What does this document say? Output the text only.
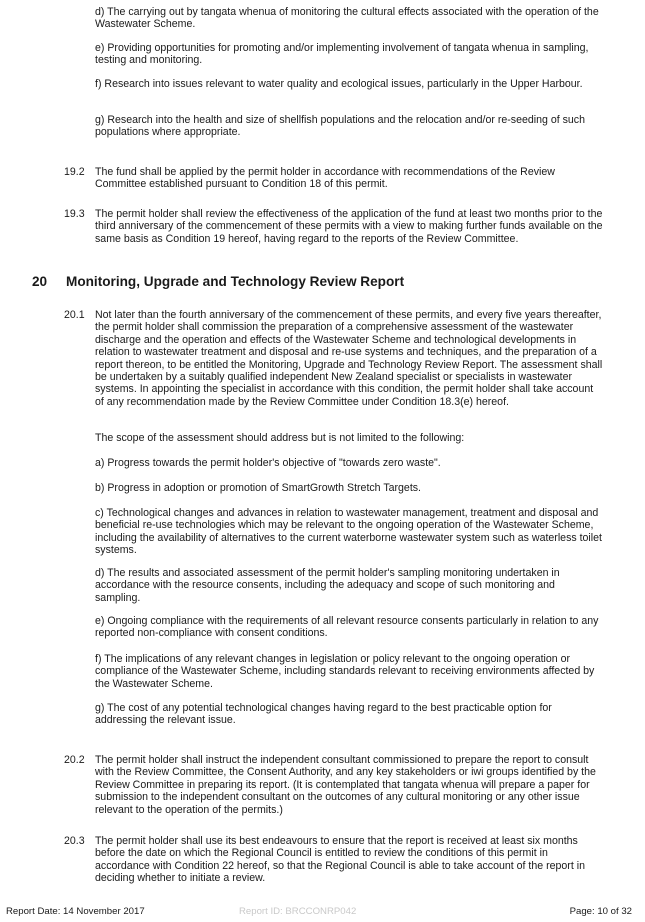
d) The carrying out by tangata whenua of monitoring the cultural effects associated with the operation of the Wastewater Scheme.

e) Providing opportunities for promoting and/or implementing involvement of tangata whenua in sampling, testing and monitoring.

f) Research into issues relevant to water quality and ecological issues, particularly in the Upper Harbour.

g) Research into the health and size of shellfish populations and the relocation and/or re-seeding of such populations where appropriate.

19.2 The fund shall be applied by the permit holder in accordance with recommendations of the Review Committee established pursuant to Condition 18 of this permit.

19.3 The permit holder shall review the effectiveness of the application of the fund at least two months prior to the third anniversary of the commencement of these permits with a view to making further funds available on the same basis as Condition 19 hereof, having regard to the reports of the Review Committee.

20 Monitoring, Upgrade and Technology Review Report
20.1 Not later than the fourth anniversary of the commencement of these permits, and every five years thereafter, the permit holder shall commission the preparation of a comprehensive assessment of the wastewater discharge and the operation and effects of the Wastewater Scheme and technological developments in relation to wastewater treatment and disposal and re-use systems and techniques, and the preparation of a report thereon, to be entitled the Monitoring, Upgrade and Technology Review Report. The assessment shall be undertaken by a suitably qualified independent New Zealand specialist or specialists in wastewater systems. In appointing the specialist in accordance with this condition, the permit holder shall take account of any recommendation made by the Review Committee under Condition 18.3(e) hereof.

The scope of the assessment should address but is not limited to the following:

a) Progress towards the permit holder's objective of "towards zero waste".

b) Progress in adoption or promotion of SmartGrowth Stretch Targets.

c) Technological changes and advances in relation to wastewater management, treatment and disposal and beneficial re-use technologies which may be relevant to the ongoing operation of the Wastewater Scheme, including the availability of alternatives to the current waterborne wastewater system such as waterless toilet systems.

d) The results and associated assessment of the permit holder's sampling monitoring undertaken in accordance with the resource consents, including the adequacy and scope of such monitoring and sampling.

e) Ongoing compliance with the requirements of all relevant resource consents particularly in relation to any reported non-compliance with consent conditions.

f) The implications of any relevant changes in legislation or policy relevant to the ongoing operation or compliance of the Wastewater Scheme, including standards relevant to receiving environments affected by the Wastewater Scheme.

g) The cost of any potential technological changes having regard to the best practicable option for addressing the relevant issue.

20.2 The permit holder shall instruct the independent consultant commissioned to prepare the report to consult with the Review Committee, the Consent Authority, and any key stakeholders or iwi groups identified by the Review Committee in preparing its report. (It is contemplated that tangata whenua will prepare a paper for submission to the independent consultant on the outcomes of any cultural monitoring or any other issue relevant to the operation of the permits.)

20.3 The permit holder shall use its best endeavours to ensure that the report is received at least six months before the date on which the Regional Council is entitled to review the conditions of this permit in accordance with Condition 22 hereof, so that the Regional Council is able to take account of the report in deciding whether to initiate a review.

Report Date: 14 November 2017	Report ID: BRCCONRP042	Page: 10 of 32
